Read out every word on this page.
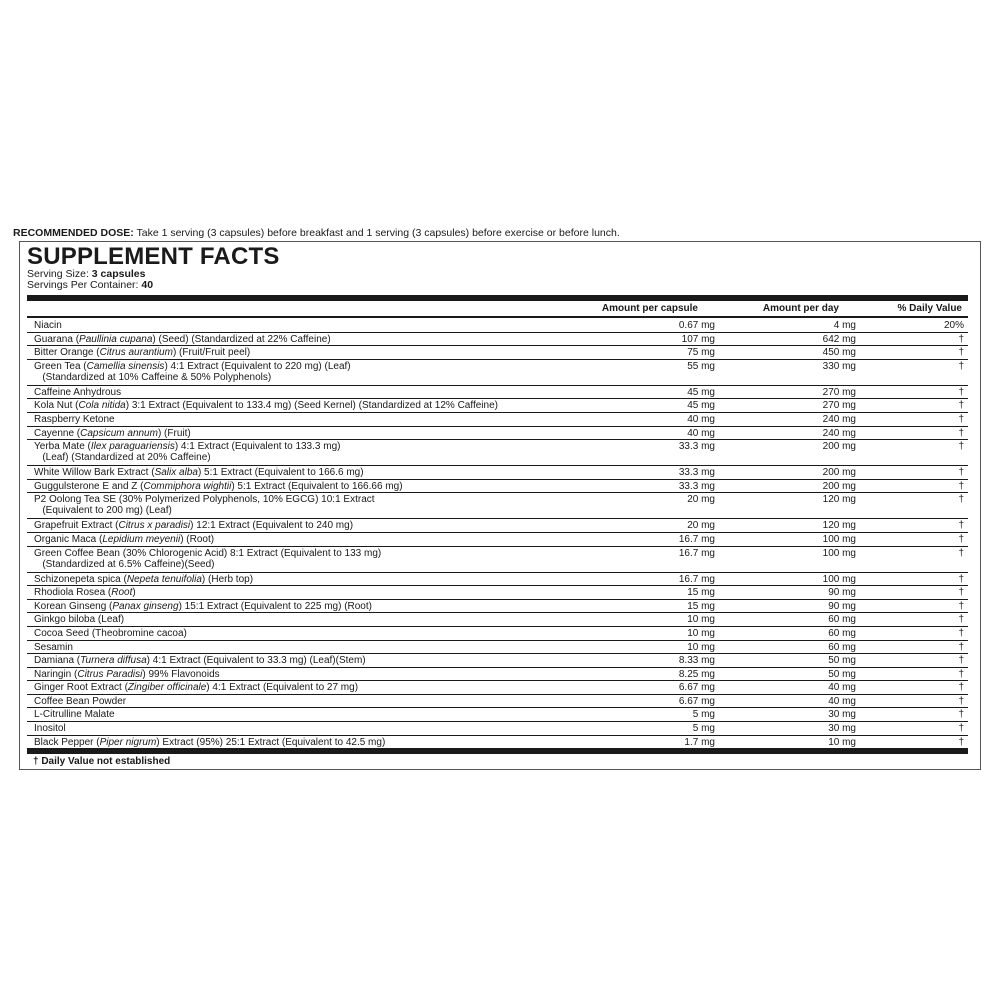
RECOMMENDED DOSE: Take 1 serving (3 capsules) before breakfast and 1 serving (3 capsules) before exercise or before lunch.
SUPPLEMENT FACTS
Serving Size: 3 capsules
Servings Per Container: 40
Amount per capsule	Amount per day	% Daily Value
Niacin	0.67 mg	4 mg	20%
Guarana (Paullinia cupana) (Seed) (Standardized at 22% Caffeine)	107 mg	642 mg	†
Bitter Orange (Citrus aurantium) (Fruit/Fruit peel)	75 mg	450 mg	†
Green Tea (Camellia sinensis) 4:1 Extract (Equivalent to 220 mg) (Leaf)
(Standardized at 10% Caffeine & 50% Polyphenols)
55 mg	330 mg	†
Caffeine Anhydrous	45 mg	270 mg	†
Kola Nut (Cola nitida) 3:1 Extract (Equivalent to 133.4 mg) (Seed Kernel) (Standardized at 12% Caffeine)	45 mg	270 mg	†
Raspberry Ketone	40 mg	240 mg	†
Cayenne (Capsicum annum) (Fruit)	40 mg	240 mg	†
Yerba Mate (Ilex paraguariensis) 4:1 Extract (Equivalent to 133.3 mg)
(Leaf) (Standardized at 20% Caffeine)
33.3 mg	200 mg	†
White Willow Bark Extract (Salix alba) 5:1 Extract (Equivalent to 166.6 mg)	33.3 mg	200 mg	†
Guggulsterone E and Z (Commiphora wightii) 5:1 Extract (Equivalent to 166.66 mg)	33.3 mg	200 mg	†
P2 Oolong Tea SE (30% Polymerized Polyphenols, 10% EGCG) 10:1 Extract
(Equivalent to 200 mg) (Leaf)
20 mg	120 mg	†
Grapefruit Extract (Citrus x paradisi) 12:1 Extract (Equivalent to 240 mg)	20 mg	120 mg	†
Organic Maca (Lepidium meyenii) (Root)	16.7 mg	100 mg	†
Green Coffee Bean (30% Chlorogenic Acid) 8:1 Extract (Equivalent to 133 mg)
(Standardized at 6.5% Caffeine)(Seed)
16.7 mg	100 mg	†
Schizonepeta spica (Nepeta tenuifolia) (Herb top)	16.7 mg	100 mg	†
Rhodiola Rosea (Root)	15 mg	90 mg	†
Korean Ginseng (Panax ginseng) 15:1 Extract (Equivalent to 225 mg) (Root)	15 mg	90 mg	†
Ginkgo biloba (Leaf)	10 mg	60 mg	†
Cocoa Seed (Theobromine cacoa)	10 mg	60 mg	†
Sesamin	10 mg	60 mg	†
Damiana (Turnera diffusa) 4:1 Extract (Equivalent to 33.3 mg) (Leaf)(Stem)	8.33 mg	50 mg	†
Naringin (Citrus Paradisi) 99% Flavonoids	8.25 mg	50 mg	†
Ginger Root Extract (Zingiber officinale) 4:1 Extract (Equivalent to 27 mg)	6.67 mg	40 mg	†
Coffee Bean Powder	6.67 mg	40 mg	†
L-Citrulline Malate	5 mg	30 mg	†
Inositol	5 mg	30 mg	†
Black Pepper (Piper nigrum) Extract (95%) 25:1 Extract (Equivalent to 42.5 mg)	1.7 mg	10 mg	†
† Daily Value not established
